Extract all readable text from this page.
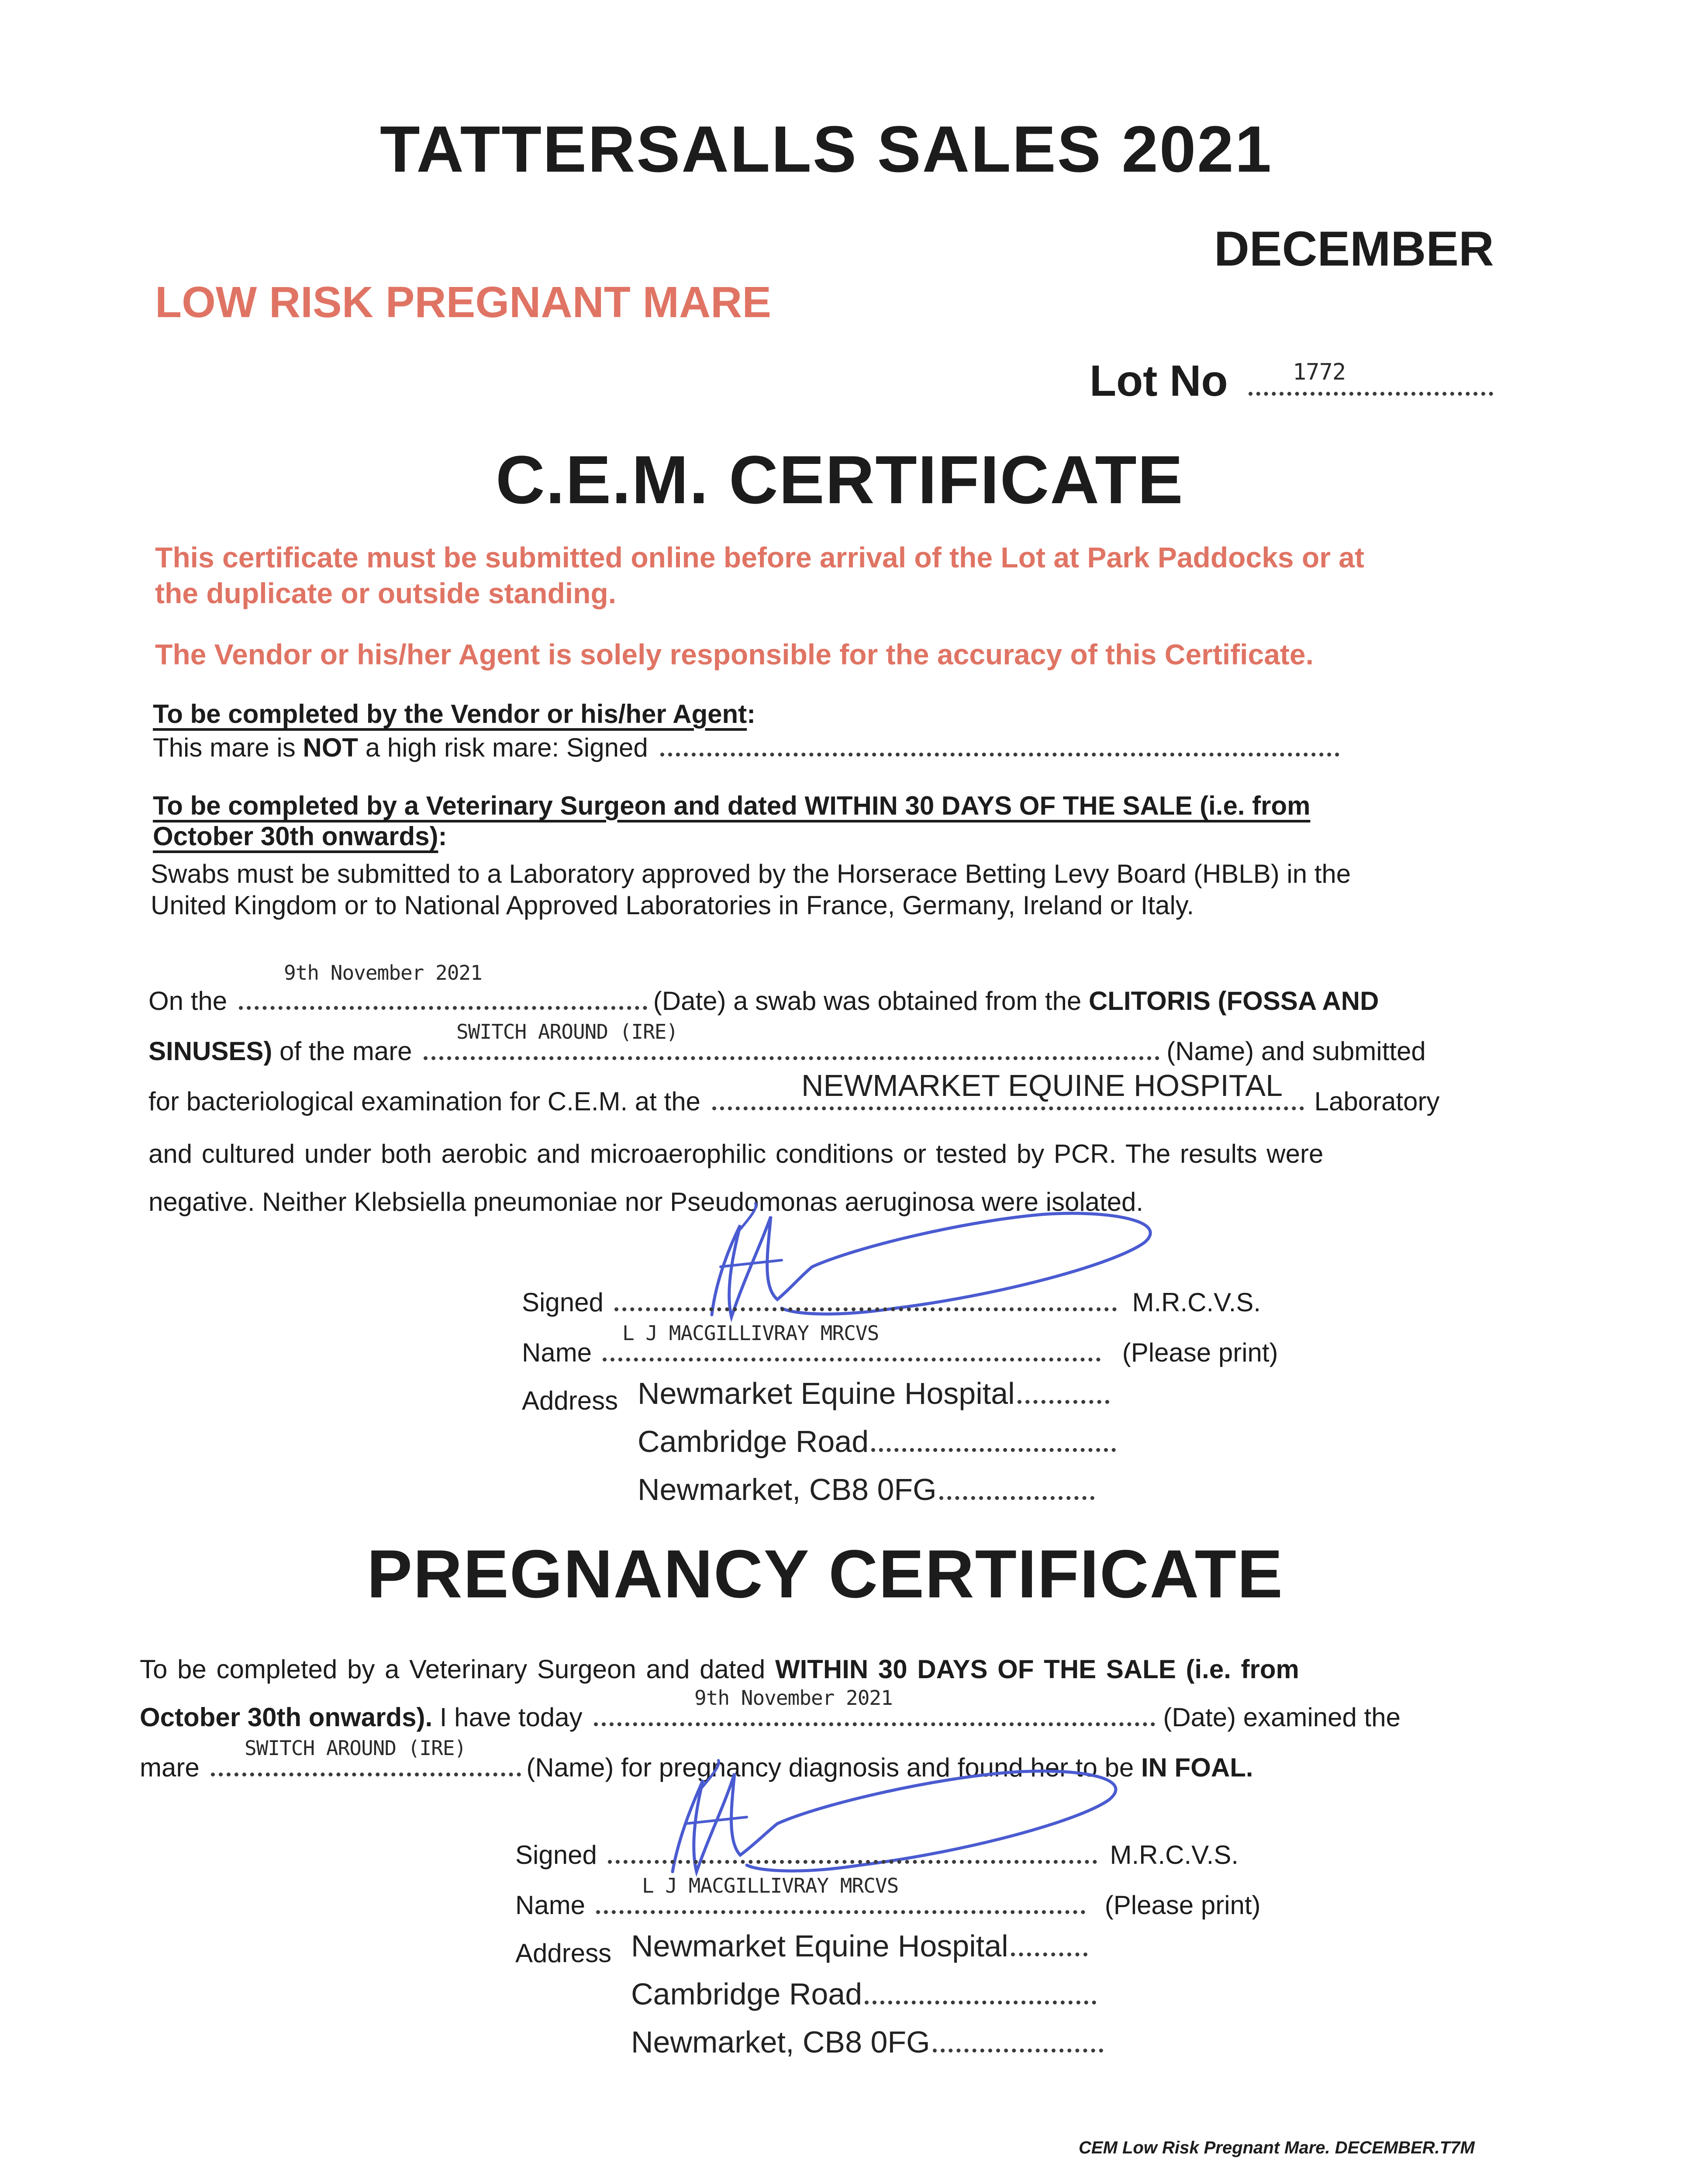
TATTERSALLS SALES 2021
DECEMBER
LOW RISK PREGNANT MARE
Lot No	1772
C.E.M. CERTIFICATE
This certificate must be submitted online before arrival of the Lot at Park Paddocks or at
the duplicate or outside standing.
The Vendor or his/her Agent is solely responsible for the accuracy of this Certificate.
To be completed by the Vendor or his/her Agent:
This mare is NOT a high risk mare: Signed
To be completed by a Veterinary Surgeon and dated WITHIN 30 DAYS OF THE SALE (i.e. from
October 30th onwards):
Swabs must be submitted to a Laboratory approved by the Horserace Betting Levy Board (HBLB) in the
United Kingdom or to National Approved Laboratories in France, Germany, Ireland or Italy.
9th November 2021
On the	(Date) a swab was obtained from the CLITORIS (FOSSA AND
SWITCH AROUND (IRE)
SINUSES) of the mare	(Name) and submitted
NEWMARKET EQUINE HOSPITAL
for bacteriological examination for C.E.M. at the	Laboratory
and cultured under both aerobic and microaerophilic conditions or tested by PCR. The results were
negative. Neither Klebsiella pneumoniae nor Pseudomonas aeruginosa were isolated.
Signed	M.R.C.V.S.
L J MACGILLIVRAY MRCVS
Name	(Please print)
Address Newmarket Equine Hospital
Cambridge Road
Newmarket, CB8 0FG
PREGNANCY CERTIFICATE
To be completed by a Veterinary Surgeon and dated WITHIN 30 DAYS OF THE SALE (i.e. from
9th November 2021
October 30th onwards). I have today	(Date) examined the
SWITCH AROUND (IRE)
mare	(Name) for pregnancy diagnosis and found her to be IN FOAL.
Signed	M.R.C.V.S.
L J MACGILLIVRAY MRCVS
Name	(Please print)
Address Newmarket Equine Hospital
Cambridge Road
Newmarket, CB8 0FG
CEM Low Risk Pregnant Mare. DECEMBER.T7M
